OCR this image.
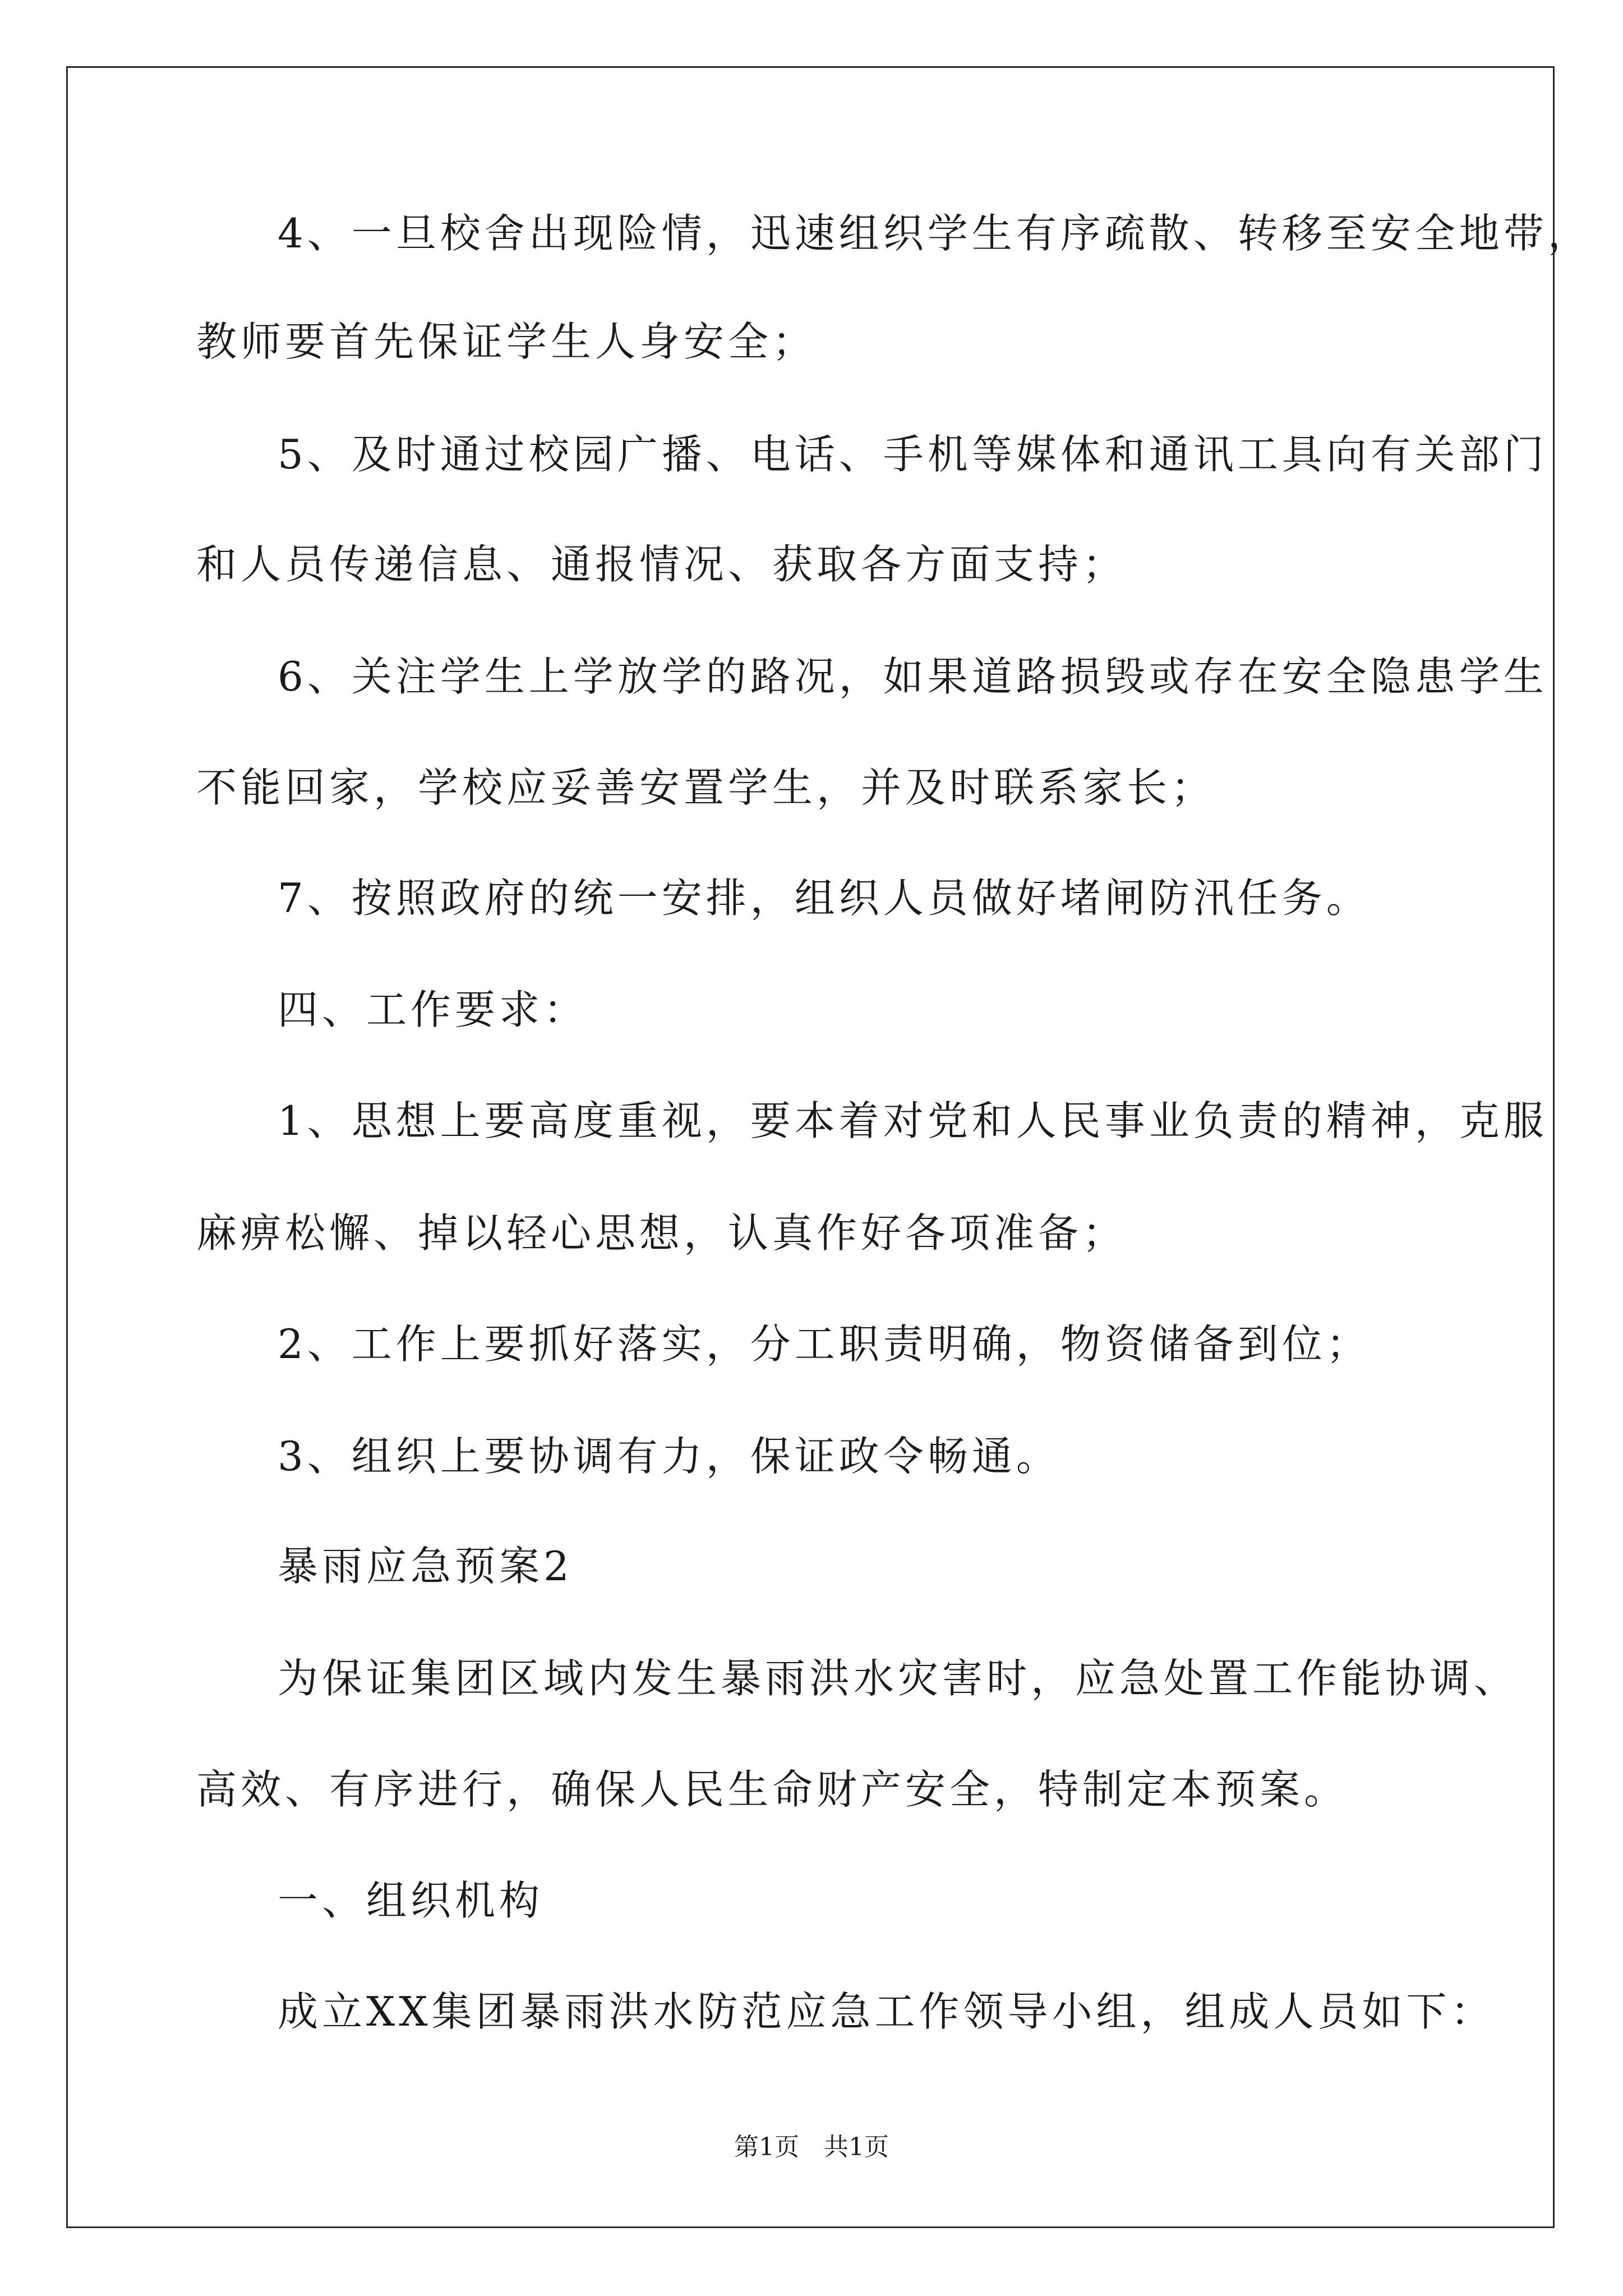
4、一旦校舍出现险情，迅速组织学生有序疏散、转移至安全地带，
教师要首先保证学生人身安全；
5、及时通过校园广播、电话、手机等媒体和通讯工具向有关部门
和人员传递信息、通报情况、获取各方面支持；
6、关注学生上学放学的路况，如果道路损毁或存在安全隐患学生
不能回家，学校应妥善安置学生，并及时联系家长；
7、按照政府的统一安排，组织人员做好堵闸防汛任务。
四、工作要求：
1、思想上要高度重视，要本着对党和人民事业负责的精神，克服
麻痹松懈、掉以轻心思想，认真作好各项准备；
2、工作上要抓好落实，分工职责明确，物资储备到位；
3、组织上要协调有力，保证政令畅通。
暴雨应急预案2
为保证集团区域内发生暴雨洪水灾害时，应急处置工作能协调、
高效、有序进行，确保人民生命财产安全，特制定本预案。
一、组织机构
成立XX集团暴雨洪水防范应急工作领导小组，组成人员如下：
第1页　共1页
